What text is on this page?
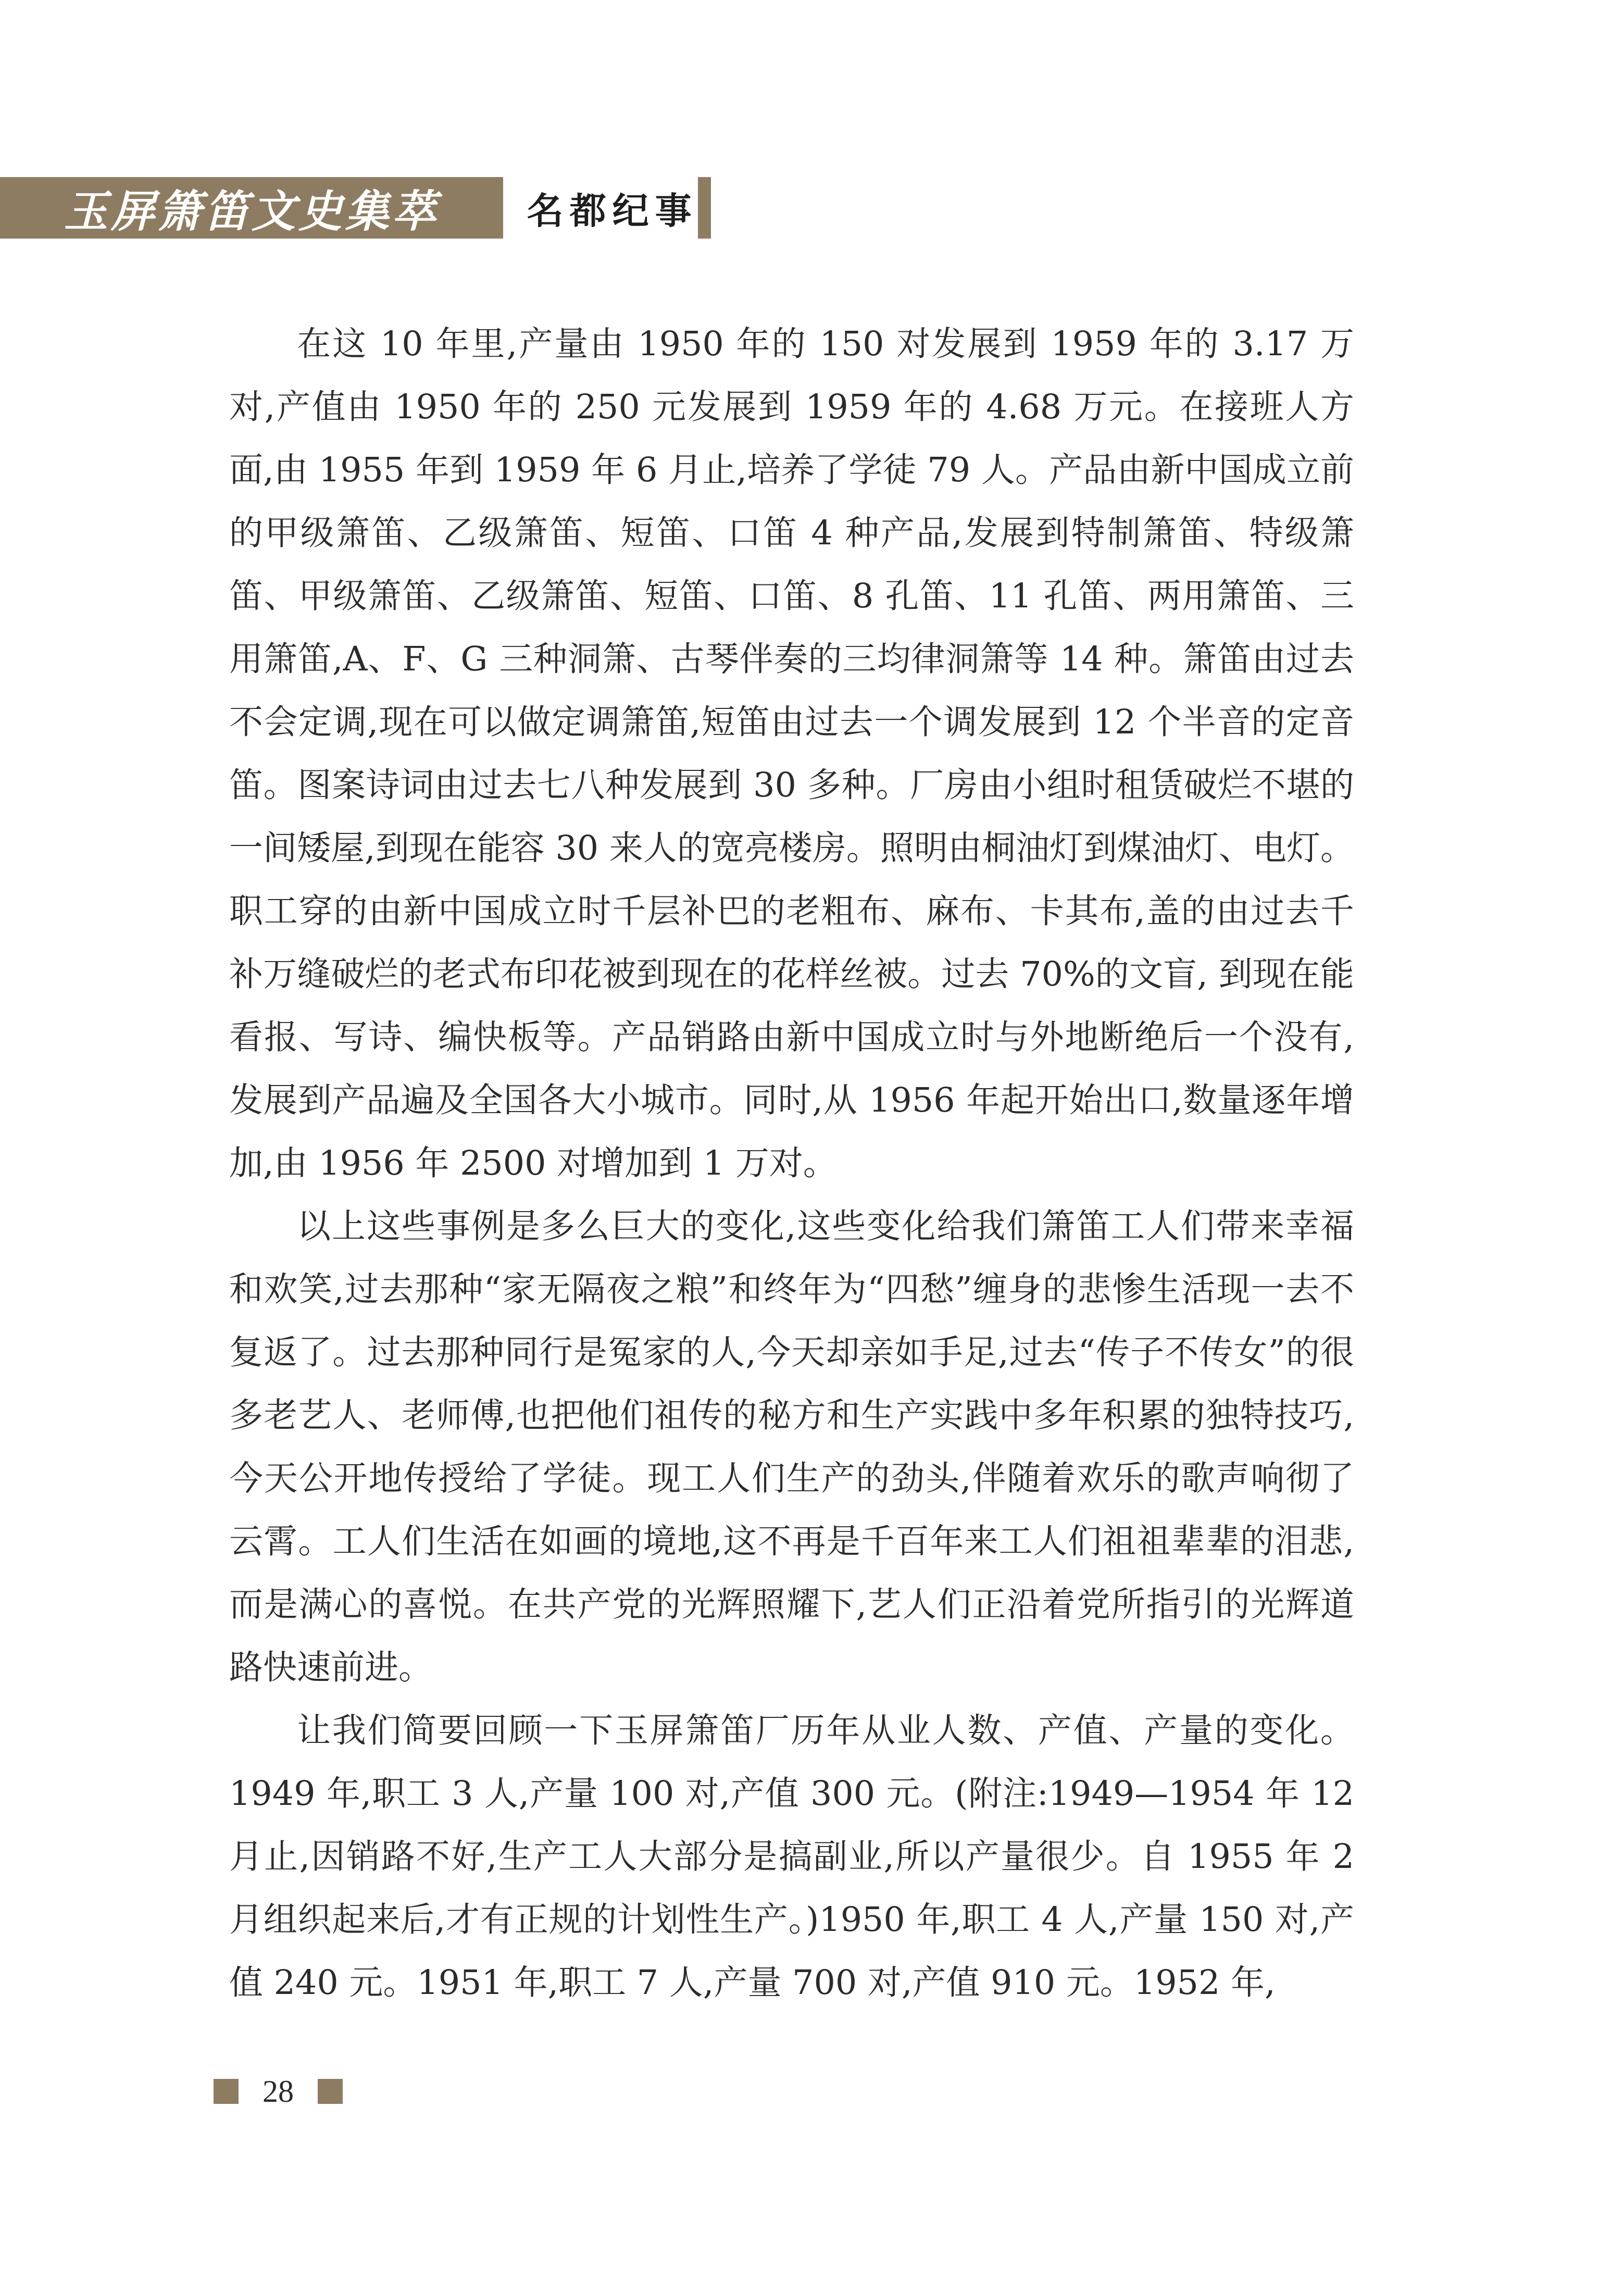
玉屏箫笛文史集萃 名都纪事

在这 10 年里,产量由 1950 年的 150 对发展到 1959 年的 3.17 万对,产值由 1950 年的 250 元发展到 1959 年的 4.68 万元。在接班人方面,由 1955 年到 1959 年 6 月止,培养了学徒 79 人。产品由新中国成立前的甲级箫笛、乙级箫笛、短笛、口笛 4 种产品,发展到特制箫笛、特级箫笛、甲级箫笛、乙级箫笛、短笛、口笛、8 孔笛、11 孔笛、两用箫笛、三用箫笛,A、F、G 三种洞箫、古琴伴奏的三均律洞箫等 14 种。箫笛由过去不会定调,现在可以做定调箫笛,短笛由过去一个调发展到 12 个半音的定音笛。图案诗词由过去七八种发展到 30 多种。厂房由小组时租赁破烂不堪的一间矮屋,到现在能容 30 来人的宽亮楼房。照明由桐油灯到煤油灯、电灯。职工穿的由新中国成立时千层补巴的老粗布、麻布、卡其布,盖的由过去千补万缝破烂的老式布印花被到现在的花样丝被。过去 70%的文盲, 到现在能看报、写诗、编快板等。产品销路由新中国成立时与外地断绝后一个没有,发展到产品遍及全国各大小城市。同时,从 1956 年起开始出口,数量逐年增加,由 1956 年 2500 对增加到 1 万对。

以上这些事例是多么巨大的变化,这些变化给我们箫笛工人们带来幸福和欢笑,过去那种“家无隔夜之粮”和终年为“四愁”缠身的悲惨生活现一去不复返了。过去那种同行是冤家的人,今天却亲如手足,过去“传子不传女”的很多老艺人、老师傅,也把他们祖传的秘方和生产实践中多年积累的独特技巧,今天公开地传授给了学徒。现工人们生产的劲头,伴随着欢乐的歌声响彻了云霄。工人们生活在如画的境地,这不再是千百年来工人们祖祖辈辈的泪悲,而是满心的喜悦。在共产党的光辉照耀下,艺人们正沿着党所指引的光辉道路快速前进。

让我们简要回顾一下玉屏箫笛厂历年从业人数、产值、产量的变化。1949 年,职工 3 人,产量 100 对,产值 300 元。(附注:1949—1954 年 12 月止,因销路不好,生产工人大部分是搞副业,所以产量很少。自 1955 年 2 月组织起来后,才有正规的计划性生产。)1950 年,职工 4 人,产量 150 对,产值 240 元。1951 年,职工 7 人,产量 700 对,产值 910 元。1952 年,

28
